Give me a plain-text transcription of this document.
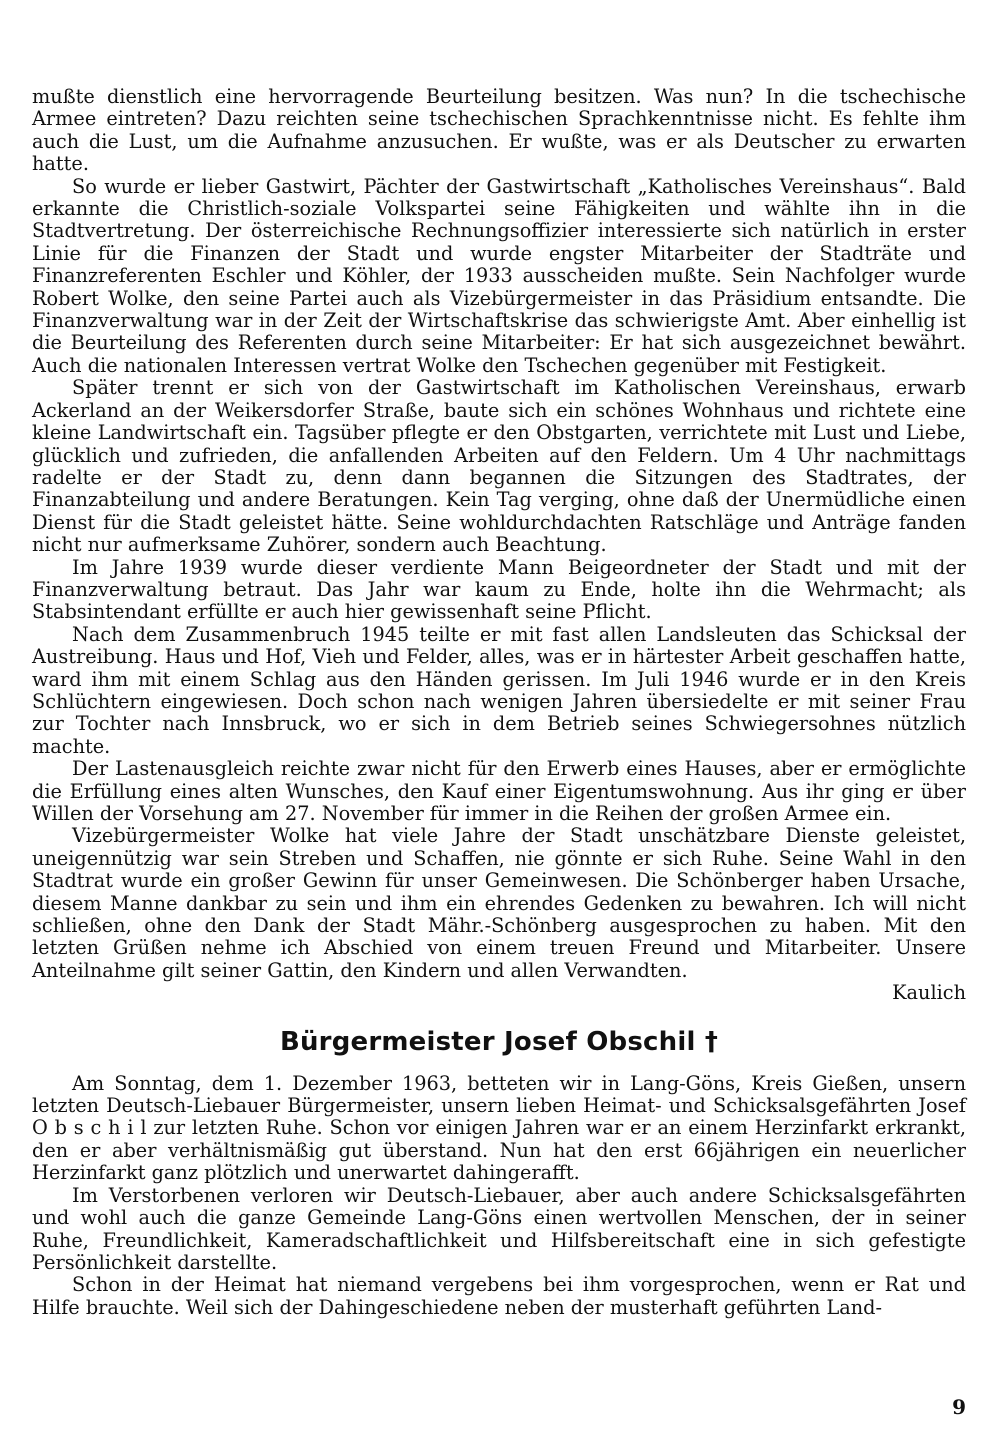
mußte dienstlich eine hervorragende Beurteilung besitzen. Was nun? In die tschechische Armee eintreten? Dazu reichten seine tschechischen Sprachkenntnisse nicht. Es fehlte ihm auch die Lust, um die Aufnahme anzusuchen. Er wußte, was er als Deutscher zu erwarten hatte.

So wurde er lieber Gastwirt, Pächter der Gastwirtschaft „Katholisches Vereinshaus“. Bald erkannte die Christlich-soziale Volkspartei seine Fähigkeiten und wählte ihn in die Stadtvertretung. Der österreichische Rechnungsoffizier interessierte sich natürlich in erster Linie für die Finanzen der Stadt und wurde engster Mitarbeiter der Stadträte und Finanzreferenten Eschler und Köhler, der 1933 ausscheiden mußte. Sein Nachfolger wurde Robert Wolke, den seine Partei auch als Vizebürgermeister in das Präsidium entsandte. Die Finanzverwaltung war in der Zeit der Wirtschaftskrise das schwierigste Amt. Aber einhellig ist die Beurteilung des Referenten durch seine Mitarbeiter: Er hat sich ausgezeichnet bewährt. Auch die nationalen Interessen vertrat Wolke den Tschechen gegenüber mit Festigkeit.

Später trennt er sich von der Gastwirtschaft im Katholischen Vereinshaus, erwarb Ackerland an der Weikersdorfer Straße, baute sich ein schönes Wohnhaus und richtete eine kleine Landwirtschaft ein. Tagsüber pflegte er den Obstgarten, verrichtete mit Lust und Liebe, glücklich und zufrieden, die anfallenden Arbeiten auf den Feldern. Um 4 Uhr nachmittags radelte er der Stadt zu, denn dann begannen die Sitzungen des Stadtrates, der Finanzabteilung und andere Beratungen. Kein Tag verging, ohne daß der Unermüdliche einen Dienst für die Stadt geleistet hätte. Seine wohldurchdachten Ratschläge und Anträge fanden nicht nur aufmerksame Zuhörer, sondern auch Beachtung.

Im Jahre 1939 wurde dieser verdiente Mann Beigeordneter der Stadt und mit der Finanzverwaltung betraut. Das Jahr war kaum zu Ende, holte ihn die Wehrmacht; als Stabsintendant erfüllte er auch hier gewissenhaft seine Pflicht.

Nach dem Zusammenbruch 1945 teilte er mit fast allen Landsleuten das Schicksal der Austreibung. Haus und Hof, Vieh und Felder, alles, was er in härtester Arbeit geschaffen hatte, ward ihm mit einem Schlag aus den Händen gerissen. Im Juli 1946 wurde er in den Kreis Schlüchtern eingewiesen. Doch schon nach wenigen Jahren übersiedelte er mit seiner Frau zur Tochter nach Innsbruck, wo er sich in dem Betrieb seines Schwiegersohnes nützlich machte.

Der Lastenausgleich reichte zwar nicht für den Erwerb eines Hauses, aber er ermöglichte die Erfüllung eines alten Wunsches, den Kauf einer Eigentumswohnung. Aus ihr ging er über Willen der Vorsehung am 27. November für immer in die Reihen der großen Armee ein.

Vizebürgermeister Wolke hat viele Jahre der Stadt unschätzbare Dienste geleistet, uneigennützig war sein Streben und Schaffen, nie gönnte er sich Ruhe. Seine Wahl in den Stadtrat wurde ein großer Gewinn für unser Gemeinwesen. Die Schönberger haben Ursache, diesem Manne dankbar zu sein und ihm ein ehrendes Gedenken zu bewahren. Ich will nicht schließen, ohne den Dank der Stadt Mähr.-Schönberg ausgesprochen zu haben. Mit den letzten Grüßen nehme ich Abschied von einem treuen Freund und Mitarbeiter. Unsere Anteilnahme gilt seiner Gattin, den Kindern und allen Verwandten.

Kaulich

Bürgermeister Josef Obschil †

Am Sonntag, dem 1. Dezember 1963, betteten wir in Lang-Göns, Kreis Gießen, unsern letzten Deutsch-Liebauer Bürgermeister, unsern lieben Heimat- und Schicksalsgefährten Josef O b s c h i l zur letzten Ruhe. Schon vor einigen Jahren war er an einem Herzinfarkt erkrankt, den er aber verhältnismäßig gut überstand. Nun hat den erst 66jährigen ein neuerlicher Herzinfarkt ganz plötzlich und unerwartet dahingerafft.

Im Verstorbenen verloren wir Deutsch-Liebauer, aber auch andere Schicksalsgefährten und wohl auch die ganze Gemeinde Lang-Göns einen wertvollen Menschen, der in seiner Ruhe, Freundlichkeit, Kameradschaftlichkeit und Hilfsbereitschaft eine in sich gefestigte Persönlichkeit darstellte.

Schon in der Heimat hat niemand vergebens bei ihm vorgesprochen, wenn er Rat und Hilfe brauchte. Weil sich der Dahingeschiedene neben der musterhaft geführten Land-

9
